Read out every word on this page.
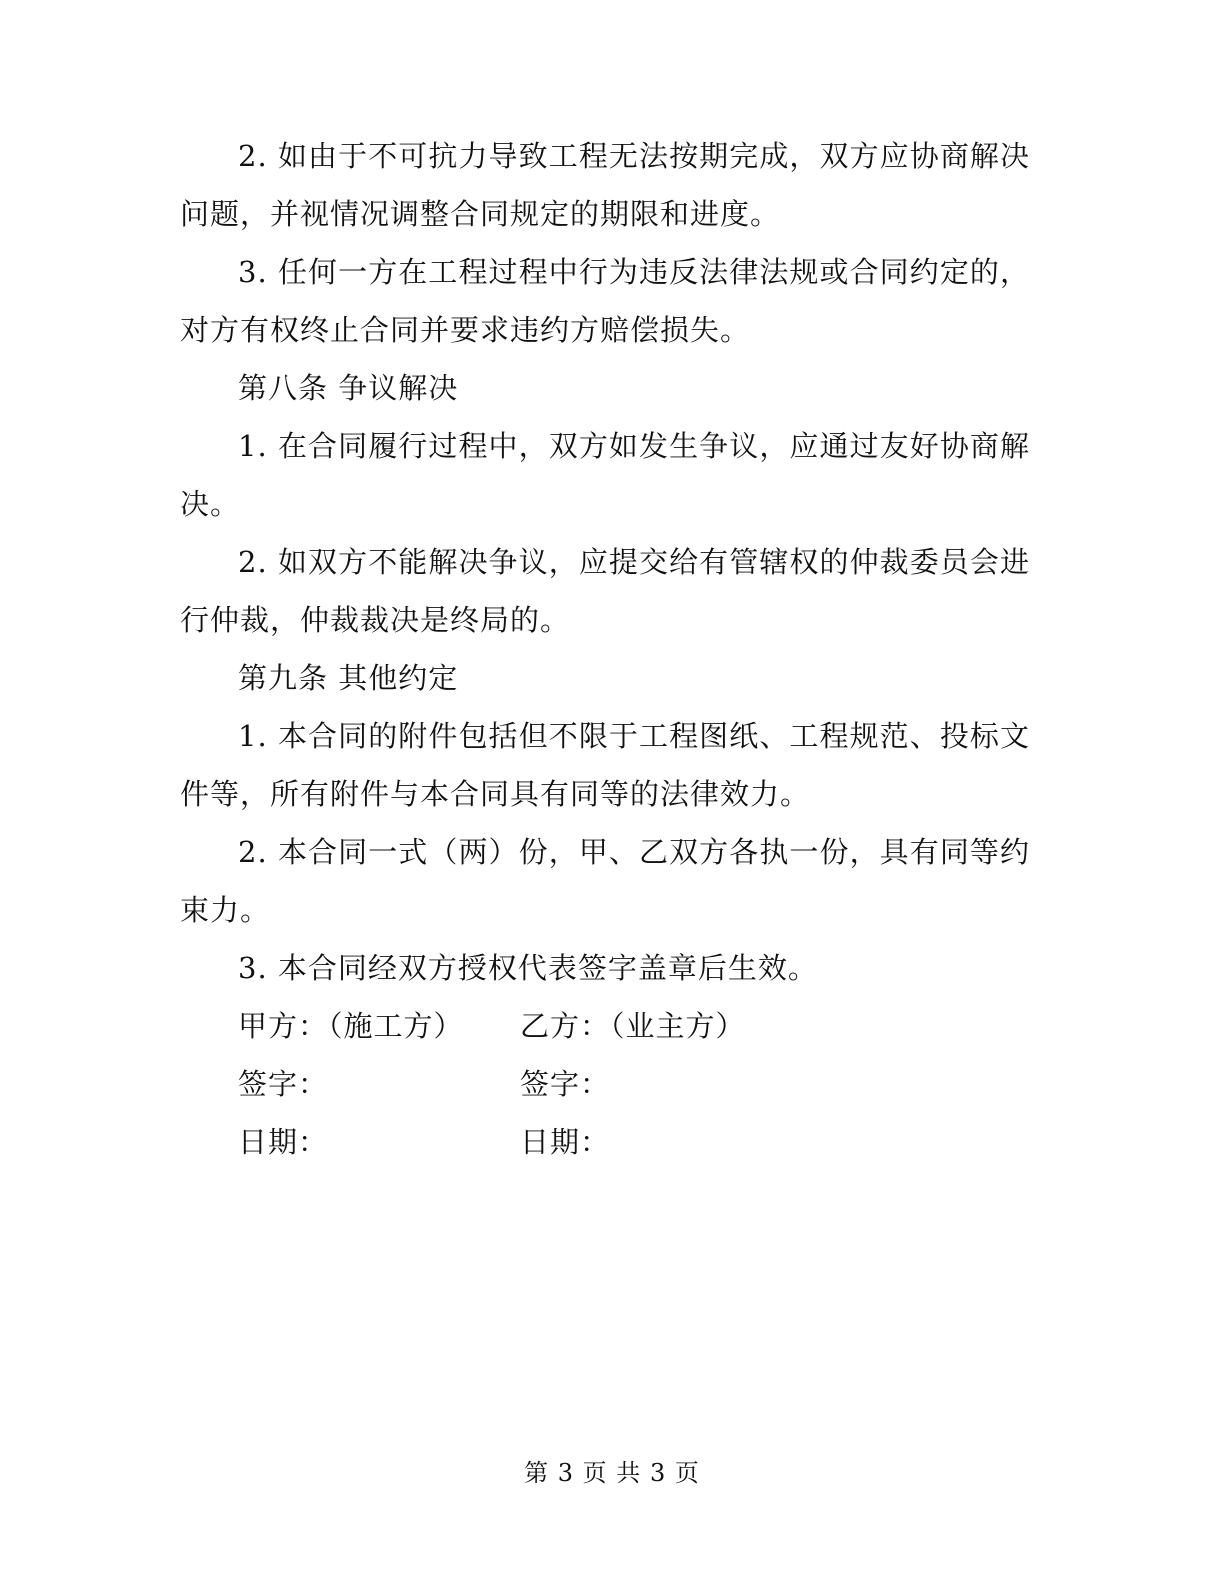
2. 如由于不可抗力导致工程无法按期完成，双方应协商解决问题，并视情况调整合同规定的期限和进度。

3. 任何一方在工程过程中行为违反法律法规或合同约定的，对方有权终止合同并要求违约方赔偿损失。

第八条 争议解决

1. 在合同履行过程中，双方如发生争议，应通过友好协商解决。

2. 如双方不能解决争议，应提交给有管辖权的仲裁委员会进行仲裁，仲裁裁决是终局的。

第九条 其他约定

1. 本合同的附件包括但不限于工程图纸、工程规范、投标文件等，所有附件与本合同具有同等的法律效力。

2. 本合同一式（两）份，甲、乙双方各执一份，具有同等约束力。

3. 本合同经双方授权代表签字盖章后生效。

甲方：（施工方） 乙方：（业主方）
签字：	签字：
日期：	日期：
第 3 页 共 3 页
